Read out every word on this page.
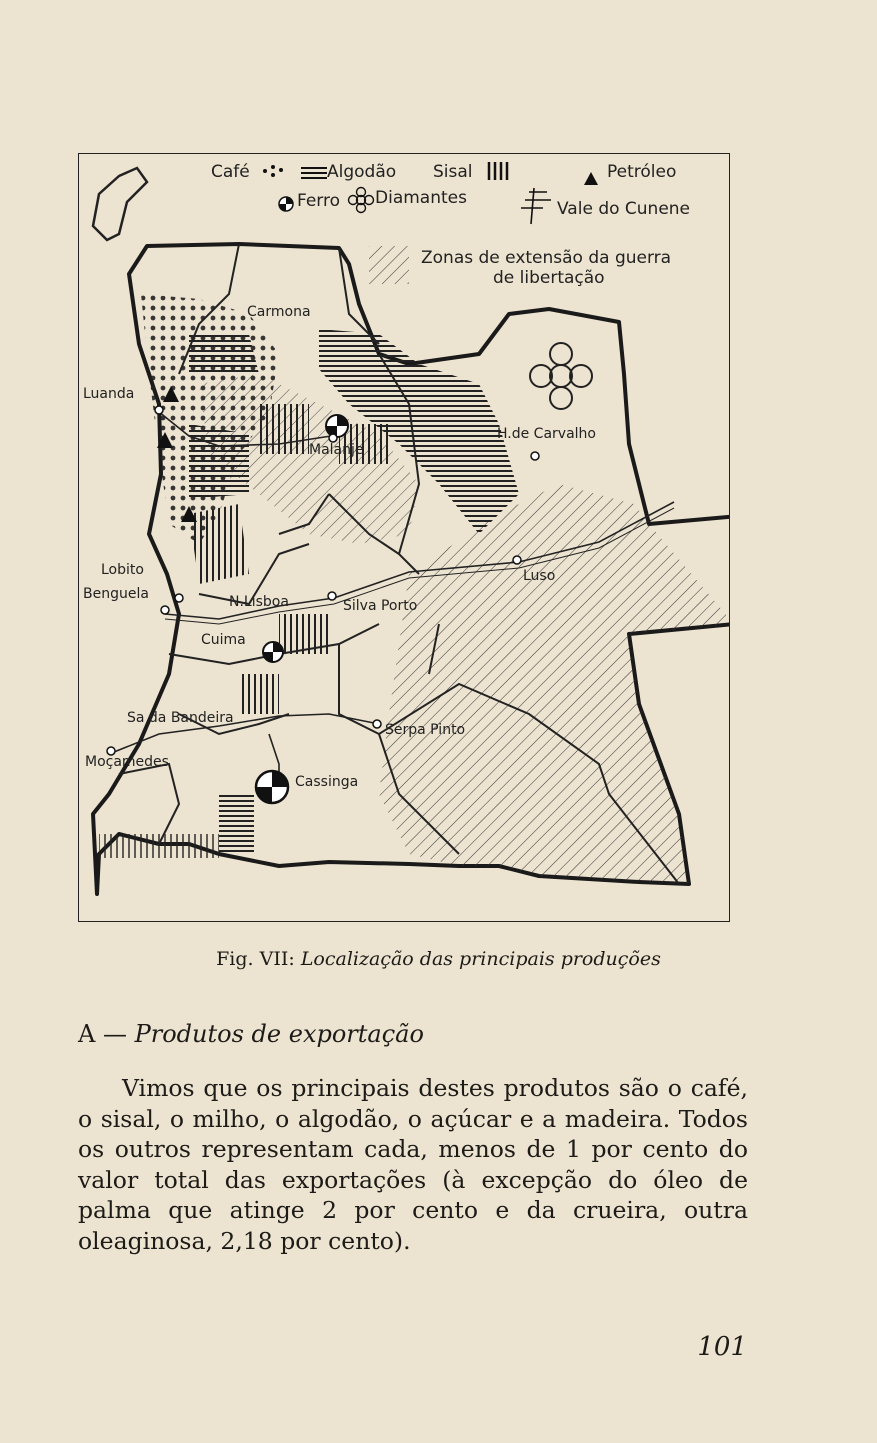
Café	Algodão Sisal	Petróleo
Ferro Diamantes
Vale do Cunene
Zonas de extensão da guerra
de libertação
Carmona
Luanda
Malanje
H.de Carvalho
Lobito
Benguela	N.Lisboa	Silva Porto
Luso
Cuima
Sa da Bandeira
Serpa Pinto
Moçamedes
Cassinga
Fig. VII: Localização das principais produções
A — Produtos de exportação
Vimos que os principais destes produtos são o café, o sisal, o milho, o algodão, o açúcar e a madeira. Todos os outros representam cada, menos de 1 por cento do valor total das exportações (à excepção do óleo de palma que atinge 2 por cento e da crueira, outra oleaginosa, 2,18 por cento).
101
